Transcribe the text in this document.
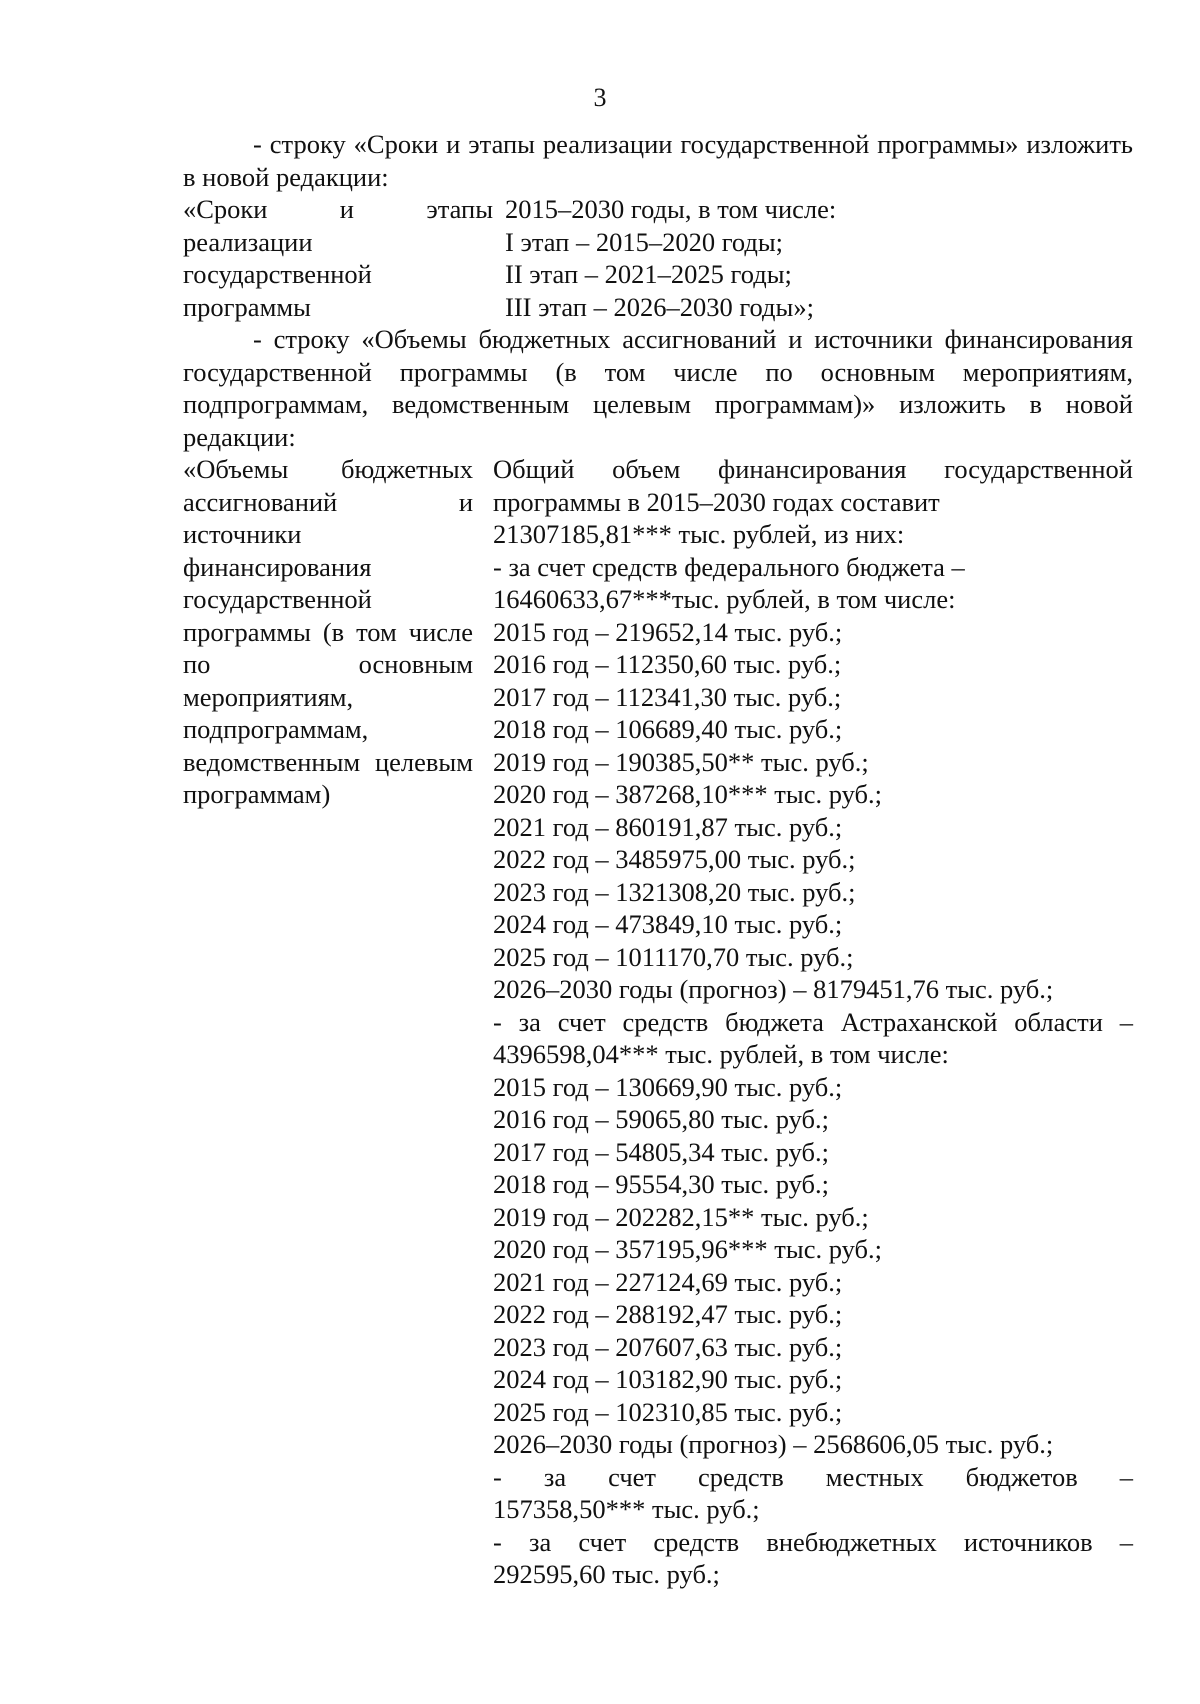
3

- строку «Сроки и этапы реализации государственной программы» изложить в новой редакции:

«Сроки и этапы реализации государственной программы
2015–2030 годы, в том числе:
I этап – 2015–2020 годы;
II этап – 2021–2025 годы;
III этап – 2026–2030 годы»;

- строку «Объемы бюджетных ассигнований и источники финансирования государственной программы (в том числе по основным мероприятиям, подпрограммам, ведомственным целевым программам)» изложить в новой редакции:

«Объемы бюджетных ассигнований и источники финансирования государственной программы (в том числе по основным мероприятиям, подпрограммам, ведомственным целевым программам)
Общий объем финансирования государственной программы в 2015–2030 годах составит
21307185,81*** тыс. рублей, из них:
- за счет средств федерального бюджета –
16460633,67***тыс. рублей, в том числе:
2015 год – 219652,14 тыс. руб.;
2016 год – 112350,60 тыс. руб.;
2017 год – 112341,30 тыс. руб.;
2018 год – 106689,40 тыс. руб.;
2019 год – 190385,50** тыс. руб.;
2020 год – 387268,10*** тыс. руб.;
2021 год – 860191,87 тыс. руб.;
2022 год – 3485975,00 тыс. руб.;
2023 год – 1321308,20 тыс. руб.;
2024 год – 473849,10 тыс. руб.;
2025 год – 1011170,70 тыс. руб.;
2026–2030 годы (прогноз) – 8179451,76 тыс. руб.;
- за счет средств бюджета Астраханской области – 4396598,04*** тыс. рублей, в том числе:
2015 год – 130669,90 тыс. руб.;
2016 год – 59065,80 тыс. руб.;
2017 год – 54805,34 тыс. руб.;
2018 год – 95554,30 тыс. руб.;
2019 год – 202282,15** тыс. руб.;
2020 год – 357195,96*** тыс. руб.;
2021 год – 227124,69 тыс. руб.;
2022 год – 288192,47 тыс. руб.;
2023 год – 207607,63 тыс. руб.;
2024 год – 103182,90 тыс. руб.;
2025 год – 102310,85 тыс. руб.;
2026–2030 годы (прогноз) – 2568606,05 тыс. руб.;
- за счет средств местных бюджетов –
157358,50*** тыс. руб.;
- за счет средств внебюджетных источников –
292595,60 тыс. руб.;
